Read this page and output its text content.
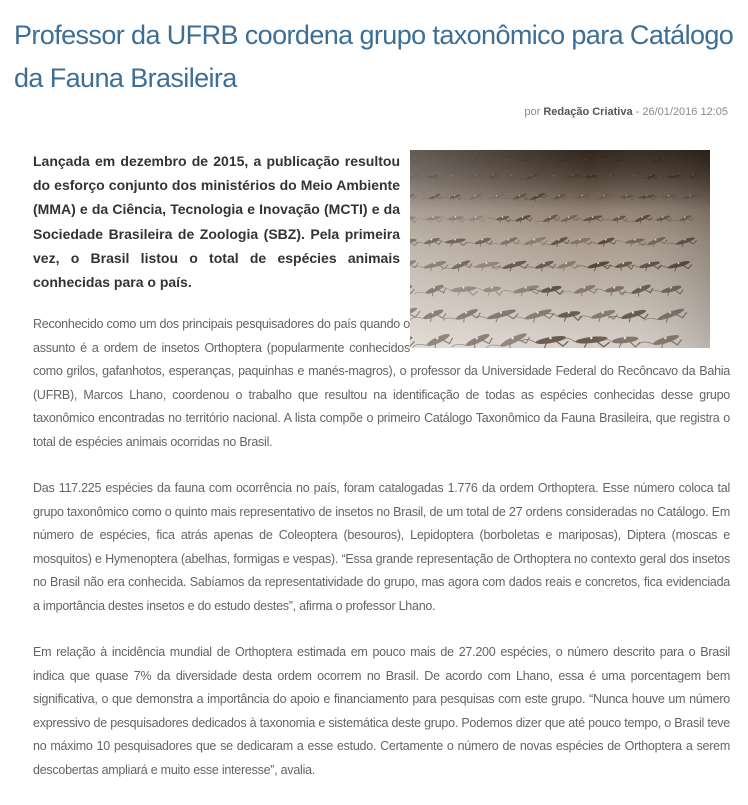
Professor da UFRB coordena grupo taxonômico para Catálogo da Fauna Brasileira
por Redação Criativa - 26/01/2016 12:05

Lançada em dezembro de 2015, a publicação resultou do esforço conjunto dos ministérios do Meio Ambiente (MMA) e da Ciência, Tecnologia e Inovação (MCTI) e da Sociedade Brasileira de Zoologia (SBZ). Pela primeira vez, o Brasil listou o total de espécies animais conhecidas para o país.

Reconhecido como um dos principais pesquisadores do país quando o assunto é a ordem de insetos Orthoptera (popularmente conhecidos como grilos, gafanhotos, esperanças, paquinhas e manés-magros), o professor da Universidade Federal do Recôncavo da Bahia (UFRB), Marcos Lhano, coordenou o trabalho que resultou na identificação de todas as espécies conhecidas desse grupo taxonômico encontradas no território nacional. A lista compõe o primeiro Catálogo Taxonômico da Fauna Brasileira, que registra o total de espécies animais ocorridas no Brasil.

Das 117.225 espécies da fauna com ocorrência no país, foram catalogadas 1.776 da ordem Orthoptera. Esse número coloca tal grupo taxonômico como o quinto mais representativo de insetos no Brasil, de um total de 27 ordens consideradas no Catálogo. Em número de espécies, fica atrás apenas de Coleoptera (besouros), Lepidoptera (borboletas e mariposas), Diptera (moscas e mosquitos) e Hymenoptera (abelhas, formigas e vespas). “Essa grande representação de Orthoptera no contexto geral dos insetos no Brasil não era conhecida. Sabíamos da representatividade do grupo, mas agora com dados reais e concretos, fica evidenciada a importância destes insetos e do estudo destes”, afirma o professor Lhano.

Em relação à incidência mundial de Orthoptera estimada em pouco mais de 27.200 espécies, o número descrito para o Brasil indica que quase 7% da diversidade desta ordem ocorrem no Brasil. De acordo com Lhano, essa é uma porcentagem bem significativa, o que demonstra a importância do apoio e financiamento para pesquisas com este grupo. “Nunca houve um número expressivo de pesquisadores dedicados à taxonomia e sistemática deste grupo. Podemos dizer que até pouco tempo, o Brasil teve no máximo 10 pesquisadores que se dedicaram a esse estudo. Certamente o número de novas espécies de Orthoptera a serem descobertas ampliará e muito esse interesse”, avalia.
